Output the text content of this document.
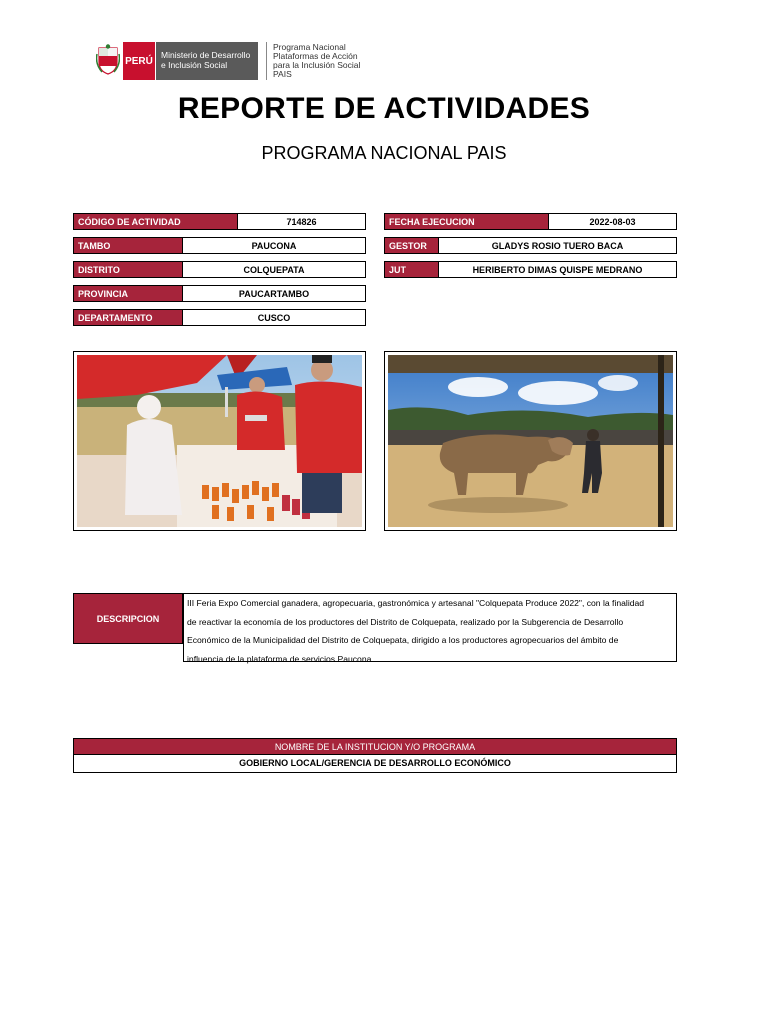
PERÚ
Ministerio de Desarrollo
e Inclusión Social
Programa Nacional
Plataformas de Acción
para la Inclusión Social
PAIS
REPORTE DE ACTIVIDADES
PROGRAMA NACIONAL PAIS
CÓDIGO DE ACTIVIDAD	714826
TAMBO	PAUCONA
DISTRITO	COLQUEPATA
PROVINCIA	PAUCARTAMBO
DEPARTAMENTO	CUSCO
FECHA EJECUCION	2022-08-03
GESTOR	GLADYS ROSIO TUERO BACA
JUT	HERIBERTO DIMAS QUISPE MEDRANO
DESCRIPCION
III Feria Expo Comercial ganadera, agropecuaria, gastronómica y artesanal "Colquepata Produce 2022", con la finalidad
de reactivar la economía de los productores del Distrito de Colquepata, realizado por la Subgerencia de Desarrollo
Económico de la Municipalidad del Distrito de Colquepata, dirigido a los productores agropecuarios del ámbito de
influencia de la plataforma de servicios Paucona.
NOMBRE DE LA INSTITUCION Y/O PROGRAMA
GOBIERNO LOCAL/GERENCIA DE DESARROLLO ECONÓMICO
